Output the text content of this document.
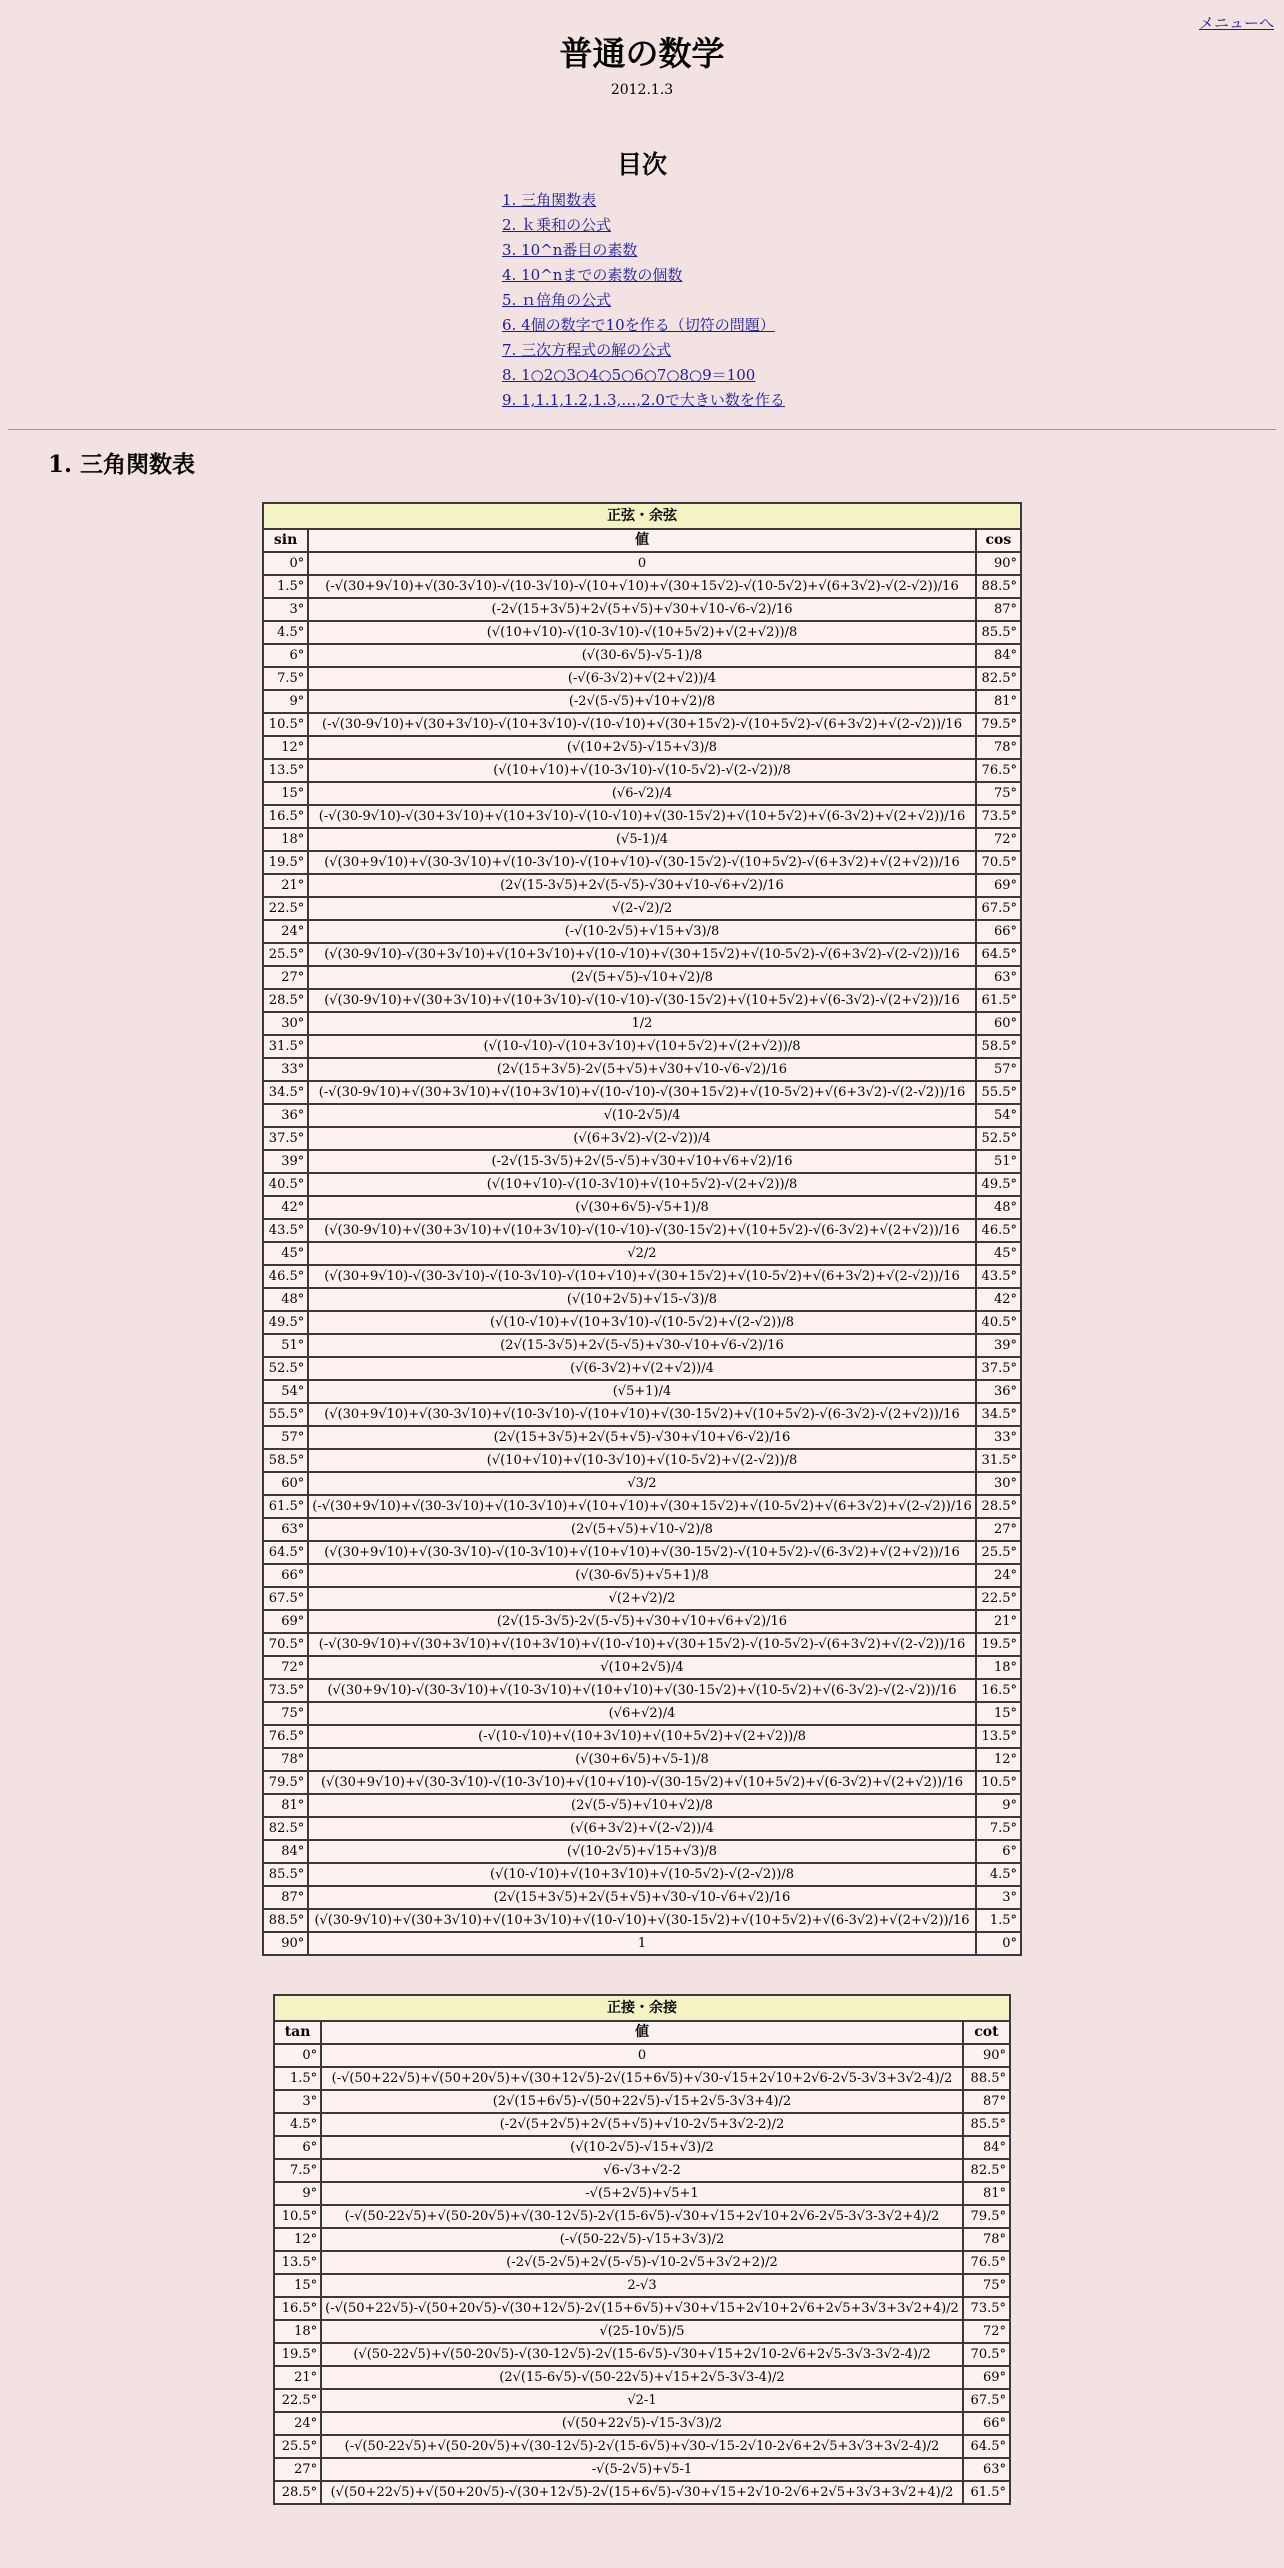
メニューへ
普通の数学
2012.1.3
目次
1. 三角関数表
2. ｋ乗和の公式
3. 10^n番目の素数
4. 10^nまでの素数の個数
5. ｎ倍角の公式
6. 4個の数字で10を作る（切符の問題）
7. 三次方程式の解の公式
8. 1○2○3○4○5○6○7○8○9＝100
9. 1,1.1,1.2,1.3,…,2.0で大きい数を作る
1. 三角関数表
正弦・余弦		
sin	値	cos
0°	0	90°
1.5°	(-√(30+9√10)+√(30-3√10)-√(10-3√10)-√(10+√10)+√(30+15√2)-√(10-5√2)+√(6+3√2)-√(2-√2))/16	88.5°
3°	(-2√(15+3√5)+2√(5+√5)+√30+√10-√6-√2)/16	87°
4.5°	(√(10+√10)-√(10-3√10)-√(10+5√2)+√(2+√2))/8	85.5°
6°	(√(30-6√5)-√5-1)/8	84°
7.5°	(-√(6-3√2)+√(2+√2))/4	82.5°
9°	(-2√(5-√5)+√10+√2)/8	81°
10.5°	(-√(30-9√10)+√(30+3√10)-√(10+3√10)-√(10-√10)+√(30+15√2)-√(10+5√2)-√(6+3√2)+√(2-√2))/16	79.5°
12°	(√(10+2√5)-√15+√3)/8	78°
13.5°	(√(10+√10)+√(10-3√10)-√(10-5√2)-√(2-√2))/8	76.5°
15°	(√6-√2)/4	75°
16.5°	(-√(30-9√10)-√(30+3√10)+√(10+3√10)-√(10-√10)+√(30-15√2)+√(10+5√2)+√(6-3√2)+√(2+√2))/16	73.5°
18°	(√5-1)/4	72°
19.5°	(√(30+9√10)+√(30-3√10)+√(10-3√10)-√(10+√10)-√(30-15√2)-√(10+5√2)-√(6+3√2)+√(2+√2))/16	70.5°
21°	(2√(15-3√5)+2√(5-√5)-√30+√10-√6+√2)/16	69°
22.5°	√(2-√2)/2	67.5°
24°	(-√(10-2√5)+√15+√3)/8	66°
25.5°	(√(30-9√10)-√(30+3√10)+√(10+3√10)+√(10-√10)+√(30+15√2)+√(10-5√2)-√(6+3√2)-√(2-√2))/16	64.5°
27°	(2√(5+√5)-√10+√2)/8	63°
28.5°	(√(30-9√10)+√(30+3√10)+√(10+3√10)-√(10-√10)-√(30-15√2)+√(10+5√2)+√(6-3√2)-√(2+√2))/16	61.5°
30°	1/2	60°
31.5°	(√(10-√10)-√(10+3√10)+√(10+5√2)+√(2+√2))/8	58.5°
33°	(2√(15+3√5)-2√(5+√5)+√30+√10-√6-√2)/16	57°
34.5°	(-√(30-9√10)+√(30+3√10)+√(10+3√10)+√(10-√10)-√(30+15√2)+√(10-5√2)+√(6+3√2)-√(2-√2))/16	55.5°
36°	√(10-2√5)/4	54°
37.5°	(√(6+3√2)-√(2-√2))/4	52.5°
39°	(-2√(15-3√5)+2√(5-√5)+√30+√10+√6+√2)/16	51°
40.5°	(√(10+√10)-√(10-3√10)+√(10+5√2)-√(2+√2))/8	49.5°
42°	(√(30+6√5)-√5+1)/8	48°
43.5°	(√(30-9√10)+√(30+3√10)+√(10+3√10)-√(10-√10)-√(30-15√2)+√(10+5√2)-√(6-3√2)+√(2+√2))/16	46.5°
45°	√2/2	45°
46.5°	(√(30+9√10)-√(30-3√10)-√(10-3√10)-√(10+√10)+√(30+15√2)+√(10-5√2)+√(6+3√2)+√(2-√2))/16	43.5°
48°	(√(10+2√5)+√15-√3)/8	42°
49.5°	(√(10-√10)+√(10+3√10)-√(10-5√2)+√(2-√2))/8	40.5°
51°	(2√(15-3√5)+2√(5-√5)+√30-√10+√6-√2)/16	39°
52.5°	(√(6-3√2)+√(2+√2))/4	37.5°
54°	(√5+1)/4	36°
55.5°	(√(30+9√10)+√(30-3√10)+√(10-3√10)-√(10+√10)+√(30-15√2)+√(10+5√2)-√(6-3√2)-√(2+√2))/16	34.5°
57°	(2√(15+3√5)+2√(5+√5)-√30+√10+√6-√2)/16	33°
58.5°	(√(10+√10)+√(10-3√10)+√(10-5√2)+√(2-√2))/8	31.5°
60°	√3/2	30°
61.5°	(-√(30+9√10)+√(30-3√10)+√(10-3√10)+√(10+√10)+√(30+15√2)+√(10-5√2)+√(6+3√2)+√(2-√2))/16	28.5°
63°	(2√(5+√5)+√10-√2)/8	27°
64.5°	(√(30+9√10)+√(30-3√10)-√(10-3√10)+√(10+√10)+√(30-15√2)-√(10+5√2)-√(6-3√2)+√(2+√2))/16	25.5°
66°	(√(30-6√5)+√5+1)/8	24°
67.5°	√(2+√2)/2	22.5°
69°	(2√(15-3√5)-2√(5-√5)+√30+√10+√6+√2)/16	21°
70.5°	(-√(30-9√10)+√(30+3√10)+√(10+3√10)+√(10-√10)+√(30+15√2)-√(10-5√2)-√(6+3√2)+√(2-√2))/16	19.5°
72°	√(10+2√5)/4	18°
73.5°	(√(30+9√10)-√(30-3√10)+√(10-3√10)+√(10+√10)+√(30-15√2)+√(10-5√2)+√(6-3√2)-√(2-√2))/16	16.5°
75°	(√6+√2)/4	15°
76.5°	(-√(10-√10)+√(10+3√10)+√(10+5√2)+√(2+√2))/8	13.5°
78°	(√(30+6√5)+√5-1)/8	12°
79.5°	(√(30+9√10)+√(30-3√10)-√(10-3√10)+√(10+√10)-√(30-15√2)+√(10+5√2)+√(6-3√2)+√(2+√2))/16	10.5°
81°	(2√(5-√5)+√10+√2)/8	9°
82.5°	(√(6+3√2)+√(2-√2))/4	7.5°
84°	(√(10-2√5)+√15+√3)/8	6°
85.5°	(√(10-√10)+√(10+3√10)+√(10-5√2)-√(2-√2))/8	4.5°
87°	(2√(15+3√5)+2√(5+√5)+√30-√10-√6+√2)/16	3°
88.5°	(√(30-9√10)+√(30+3√10)+√(10+3√10)+√(10-√10)+√(30-15√2)+√(10+5√2)+√(6-3√2)+√(2+√2))/16	1.5°
90°	1	0°
正接・余接		
tan	値	cot
0°	0	90°
1.5°	(-√(50+22√5)+√(50+20√5)+√(30+12√5)-2√(15+6√5)+√30-√15+2√10+2√6-2√5-3√3+3√2-4)/2	88.5°
3°	(2√(15+6√5)-√(50+22√5)-√15+2√5-3√3+4)/2	87°
4.5°	(-2√(5+2√5)+2√(5+√5)+√10-2√5+3√2-2)/2	85.5°
6°	(√(10-2√5)-√15+√3)/2	84°
7.5°	√6-√3+√2-2	82.5°
9°	-√(5+2√5)+√5+1	81°
10.5°	(-√(50-22√5)+√(50-20√5)+√(30-12√5)-2√(15-6√5)-√30+√15+2√10+2√6-2√5-3√3-3√2+4)/2	79.5°
12°	(-√(50-22√5)-√15+3√3)/2	78°
13.5°	(-2√(5-2√5)+2√(5-√5)-√10-2√5+3√2+2)/2	76.5°
15°	2-√3	75°
16.5°	(-√(50+22√5)-√(50+20√5)-√(30+12√5)-2√(15+6√5)+√30+√15+2√10+2√6+2√5+3√3+3√2+4)/2	73.5°
18°	√(25-10√5)/5	72°
19.5°	(√(50-22√5)+√(50-20√5)-√(30-12√5)-2√(15-6√5)-√30+√15+2√10-2√6+2√5-3√3-3√2-4)/2	70.5°
21°	(2√(15-6√5)-√(50-22√5)+√15+2√5-3√3-4)/2	69°
22.5°	√2-1	67.5°
24°	(√(50+22√5)-√15-3√3)/2	66°
25.5°	(-√(50-22√5)+√(50-20√5)+√(30-12√5)-2√(15-6√5)+√30-√15-2√10-2√6+2√5+3√3+3√2-4)/2	64.5°
27°	-√(5-2√5)+√5-1	63°
28.5°	(√(50+22√5)+√(50+20√5)-√(30+12√5)-2√(15+6√5)-√30+√15+2√10-2√6+2√5+3√3+3√2+4)/2	61.5°
